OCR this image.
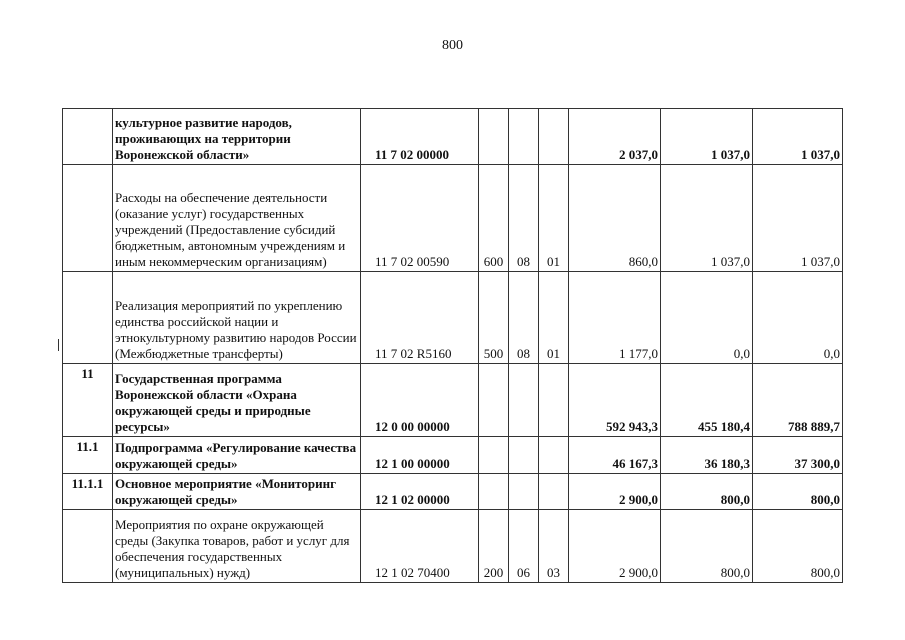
800
	культурное развитие народов, проживающих на территории Воронежской области»	11 7 02 00000				2 037,0	1 037,0	1 037,0
	Расходы на обеспечение деятельности (оказание услуг) государственных учреждений (Предоставление субсидий бюджетным, автономным учреждениям и иным некоммерческим организациям)	11 7 02 00590	600	08	01	860,0	1 037,0	1 037,0
	Реализация мероприятий по укреплению единства российской нации и этнокультурному развитию народов России (Межбюджетные трансферты)	11 7 02 R5160	500	08	01	1 177,0	0,0	0,0
11	Государственная программа Воронежской области «Охрана окружающей среды и природные ресурсы»	12 0 00 00000				592 943,3	455 180,4	788 889,7
11.1	Подпрограмма «Регулирование качества окружающей среды»	12 1 00 00000				46 167,3	36 180,3	37 300,0
11.1.1	Основное мероприятие «Мониторинг окружающей среды»	12 1 02 00000				2 900,0	800,0	800,0
	Мероприятия по охране окружающей среды (Закупка товаров, работ и услуг для обеспечения государственных (муниципальных) нужд)	12 1 02 70400	200	06	03	2 900,0	800,0	800,0
